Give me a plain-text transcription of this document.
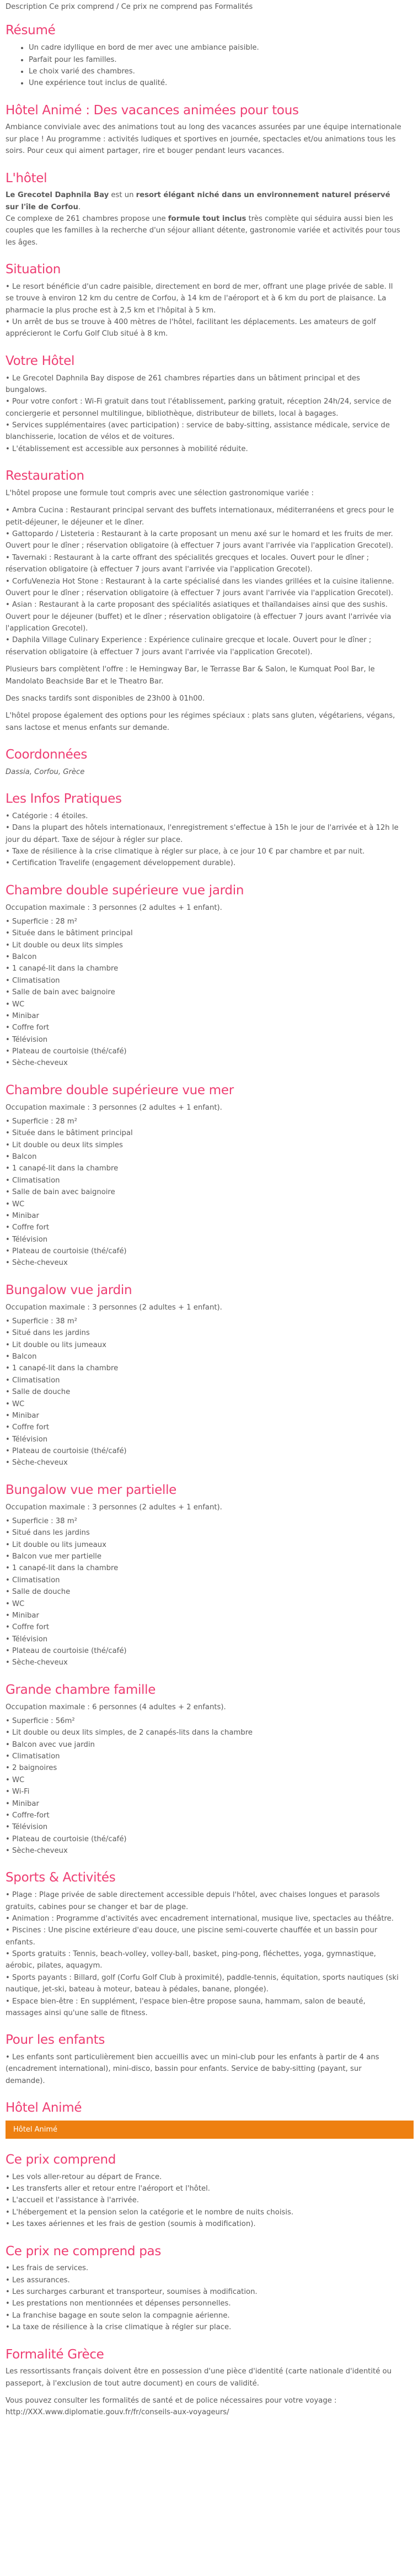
Description Ce prix comprend / Ce prix ne comprend pas Formalités

Résumé
• Un cadre idyllique en bord de mer avec une ambiance paisible.
• Parfait pour les familles.
• Le choix varié des chambres.
• Une expérience tout inclus de qualité.
Hôtel Animé : Des vacances animées pour tous

Ambiance conviviale avec des animations tout au long des vacances assurées par une équipe internationale sur place ! Au programme : activités ludiques et sportives en journée, spectacles et/ou animations tous les soirs. Pour ceux qui aiment partager, rire et bouger pendant leurs vacances.

L'hôtel

Le Grecotel Daphnila Bay est un resort élégant niché dans un environnement naturel préservé sur l'île de Corfou.

Ce complexe de 261 chambres propose une formule tout inclus très complète qui séduira aussi bien les couples que les familles à la recherche d'un séjour alliant détente, gastronomie variée et activités pour tous les âges.

Situation
• Le resort bénéficie d'un cadre paisible, directement en bord de mer, offrant une plage privée de sable. Il se trouve à environ 12 km du centre de Corfou, à 14 km de l'aéroport et à 6 km du port de plaisance. La pharmacie la plus proche est à 2,5 km et l'hôpital à 5 km.
• Un arrêt de bus se trouve à 400 mètres de l'hôtel, facilitant les déplacements. Les amateurs de golf apprécieront le Corfu Golf Club situé à 8 km.
Votre Hôtel
• Le Grecotel Daphnila Bay dispose de 261 chambres réparties dans un bâtiment principal et des bungalows.
• Pour votre confort : Wi-Fi gratuit dans tout l'établissement, parking gratuit, réception 24h/24, service de conciergerie et personnel multilingue, bibliothèque, distributeur de billets, local à bagages.
• Services supplémentaires (avec participation) : service de baby-sitting, assistance médicale, service de blanchisserie, location de vélos et de voitures.
• L'établissement est accessible aux personnes à mobilité réduite.
Restauration

L'hôtel propose une formule tout compris avec une sélection gastronomique variée :

• Ambra Cucina : Restaurant principal servant des buffets internationaux, méditerranéens et grecs pour le petit-déjeuner, le déjeuner et le dîner.
• Gattopardo / Listeteria : Restaurant à la carte proposant un menu axé sur le homard et les fruits de mer. Ouvert pour le dîner ; réservation obligatoire (à effectuer 7 jours avant l'arrivée via l'application Grecotel).
• Tavernaki : Restaurant à la carte offrant des spécialités grecques et locales. Ouvert pour le dîner ; réservation obligatoire (à effectuer 7 jours avant l'arrivée via l'application Grecotel).
• CorfuVenezia Hot Stone : Restaurant à la carte spécialisé dans les viandes grillées et la cuisine italienne. Ouvert pour le dîner ; réservation obligatoire (à effectuer 7 jours avant l'arrivée via l'application Grecotel).
• Asian : Restaurant à la carte proposant des spécialités asiatiques et thaïlandaises ainsi que des sushis. Ouvert pour le déjeuner (buffet) et le dîner ; réservation obligatoire (à effectuer 7 jours avant l'arrivée via l'application Grecotel).
• Daphila Village Culinary Experience : Expérience culinaire grecque et locale. Ouvert pour le dîner ; réservation obligatoire (à effectuer 7 jours avant l'arrivée via l'application Grecotel).

Plusieurs bars complètent l'offre : le Hemingway Bar, le Terrasse Bar & Salon, le Kumquat Pool Bar, le Mandolato Beachside Bar et le Theatro Bar.

Des snacks tardifs sont disponibles de 23h00 à 01h00.

L'hôtel propose également des options pour les régimes spéciaux : plats sans gluten, végétariens, végans, sans lactose et menus enfants sur demande.

Coordonnées

Dassia, Corfou, Grèce

Les Infos Pratiques
• Catégorie : 4 étoiles.
• Dans la plupart des hôtels internationaux, l'enregistrement s'effectue à 15h le jour de l'arrivée et à 12h le jour du départ. Taxe de séjour à régler sur place.
• Taxe de résilience à la crise climatique à régler sur place, à ce jour 10 € par chambre et par nuit.
• Certification Travelife (engagement développement durable).
Chambre double supérieure vue jardin

Occupation maximale : 3 personnes (2 adultes + 1 enfant).

• Superficie : 28 m²
• Située dans le bâtiment principal
• Lit double ou deux lits simples
• Balcon
• 1 canapé-lit dans la chambre
• Climatisation
• Salle de bain avec baignoire
• WC
• Minibar
• Coffre fort
• Télévision
• Plateau de courtoisie (thé/café)
• Sèche-cheveux
Chambre double supérieure vue mer

Occupation maximale : 3 personnes (2 adultes + 1 enfant).

• Superficie : 28 m²
• Située dans le bâtiment principal
• Lit double ou deux lits simples
• Balcon
• 1 canapé-lit dans la chambre
• Climatisation
• Salle de bain avec baignoire
• WC
• Minibar
• Coffre fort
• Télévision
• Plateau de courtoisie (thé/café)
• Sèche-cheveux
Bungalow vue jardin

Occupation maximale : 3 personnes (2 adultes + 1 enfant).

• Superficie : 38 m²
• Situé dans les jardins
• Lit double ou lits jumeaux
• Balcon
• 1 canapé-lit dans la chambre
• Climatisation
• Salle de douche
• WC
• Minibar
• Coffre fort
• Télévision
• Plateau de courtoisie (thé/café)
• Sèche-cheveux
Bungalow vue mer partielle

Occupation maximale : 3 personnes (2 adultes + 1 enfant).

• Superficie : 38 m²
• Situé dans les jardins
• Lit double ou lits jumeaux
• Balcon vue mer partielle
• 1 canapé-lit dans la chambre
• Climatisation
• Salle de douche
• WC
• Minibar
• Coffre fort
• Télévision
• Plateau de courtoisie (thé/café)
• Sèche-cheveux
Grande chambre famille

Occupation maximale : 6 personnes (4 adultes + 2 enfants).

• Superficie : 56m²
• Lit double ou deux lits simples, de 2 canapés-lits dans la chambre
• Balcon avec vue jardin
• Climatisation
• 2 baignoires
• WC
• Wi-Fi
• Minibar
• Coffre-fort
• Télévision
• Plateau de courtoisie (thé/café)
• Sèche-cheveux
Sports & Activités
• Plage : Plage privée de sable directement accessible depuis l'hôtel, avec chaises longues et parasols gratuits, cabines pour se changer et bar de plage.
• Animation : Programme d'activités avec encadrement international, musique live, spectacles au théâtre.
• Piscines : Une piscine extérieure d'eau douce, une piscine semi-couverte chauffée et un bassin pour enfants.
• Sports gratuits : Tennis, beach-volley, volley-ball, basket, ping-pong, fléchettes, yoga, gymnastique, aérobic, pilates, aquagym.
• Sports payants : Billard, golf (Corfu Golf Club à proximité), paddle-tennis, équitation, sports nautiques (ski nautique, jet-ski, bateau à moteur, bateau à pédales, banane, plongée).
• Espace bien-être : En supplément, l'espace bien-être propose sauna, hammam, salon de beauté, massages ainsi qu'une salle de fitness.
Pour les enfants
• Les enfants sont particulièrement bien accueillis avec un mini-club pour les enfants à partir de 4 ans (encadrement international), mini-disco, bassin pour enfants. Service de baby-sitting (payant, sur demande).
Hôtel Animé
Hôtel Animé
Ce prix comprend
• Les vols aller-retour au départ de France.
• Les transferts aller et retour entre l'aéroport et l'hôtel.
• L'accueil et l'assistance à l'arrivée.
• L'hébergement et la pension selon la catégorie et le nombre de nuits choisis.
• Les taxes aériennes et les frais de gestion (soumis à modification).
Ce prix ne comprend pas
• Les frais de services.
• Les assurances.
• Les surcharges carburant et transporteur, soumises à modification.
• Les prestations non mentionnées et dépenses personnelles.
• La franchise bagage en soute selon la compagnie aérienne.
• La taxe de résilience à la crise climatique à régler sur place.
Formalité Grèce

Les ressortissants français doivent être en possession d'une pièce d'identité (carte nationale d'identité ou passeport, à l'exclusion de tout autre document) en cours de validité.

Vous pouvez consulter les formalités de santé et de police nécessaires pour votre voyage : http://XXX.www.diplomatie.gouv.fr/fr/conseils-aux-voyageurs/
